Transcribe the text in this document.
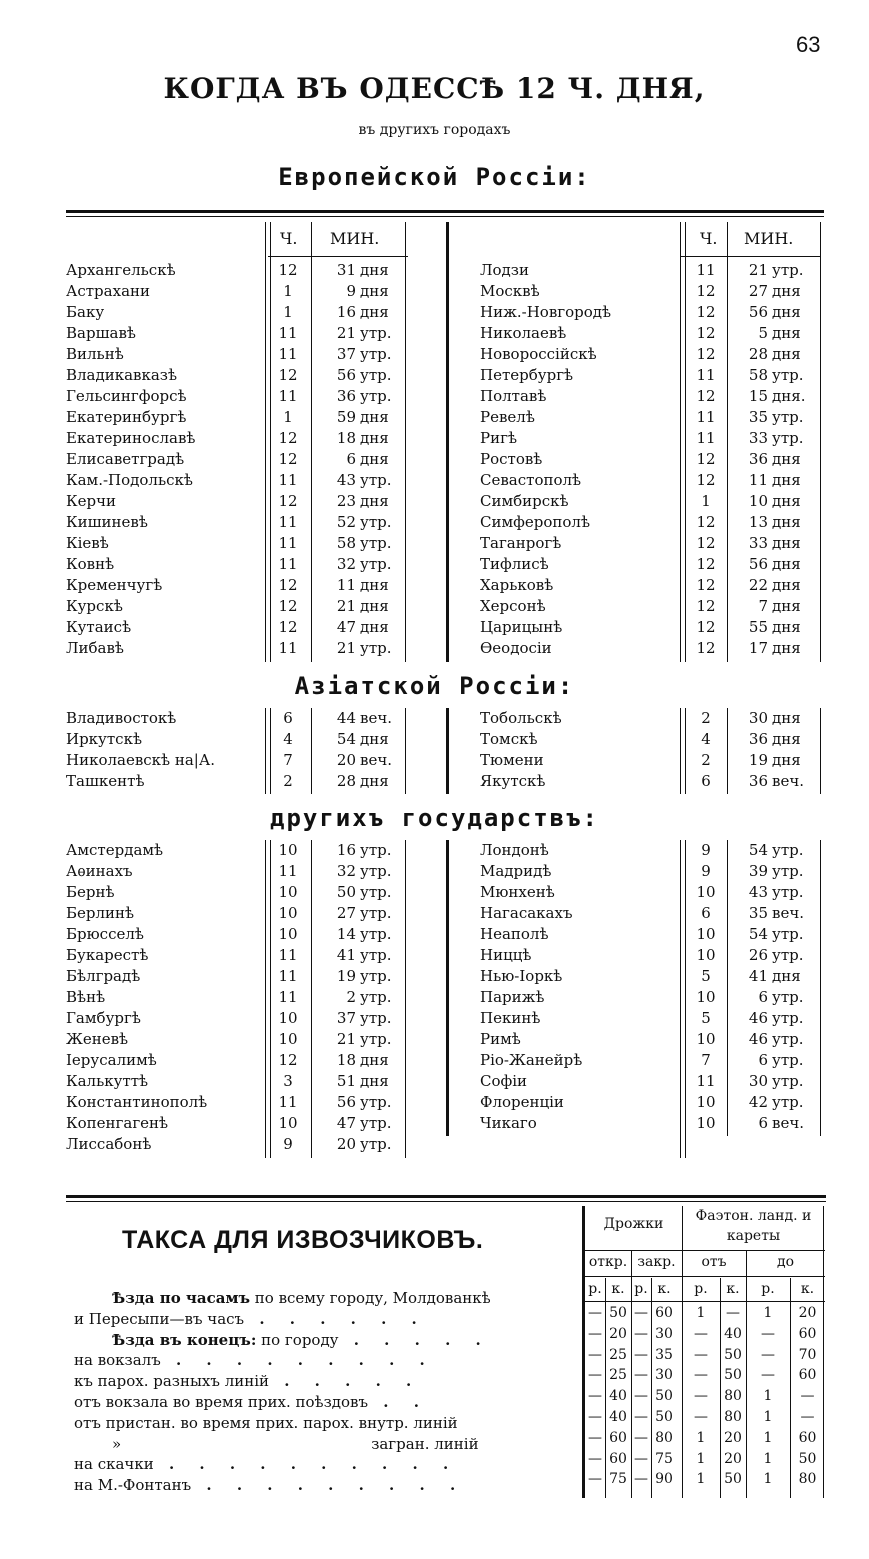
63
КОГДА ВЪ ОДЕССѢ 12 Ч. ДНЯ,
въ другихъ городахъ
Европейской Россіи:
Ч. МИН.	Ч. МИН.
Архангельскѣ	12	31 дня	Лодзи	11	21 утр.
Астрахани	1	9 дня	Москвѣ	12	27 дня
Баку	1	16 дня	Ниж.-Новгородѣ	12	56 дня
Варшавѣ	11	21 утр.	Николаевѣ	12	5 дня
Вильнѣ	11	37 утр.	Новороссійскѣ	12	28 дня
Владикавказѣ	12	56 утр.	Петербургѣ	11	58 утр.
Гельсингфорсѣ	11	36 утр.	Полтавѣ	12	15 дня.
Екатеринбургѣ	1	59 дня	Ревелѣ	11	35 утр.
Екатеринославѣ	12	18 дня	Ригѣ	11	33 утр.
Елисаветградѣ	12	6 дня	Ростовѣ	12	36 дня
Кам.-Подольскѣ	11	43 утр.	Севастополѣ	12	11 дня
Керчи	12	23 дня	Симбирскѣ	1	10 дня
Кишиневѣ	11	52 утр.	Симферополѣ	12	13 дня
Кіевѣ	11	58 утр.	Таганрогѣ	12	33 дня
Ковнѣ	11	32 утр.	Тифлисѣ	12	56 дня
Кременчугѣ	12	11 дня	Харьковѣ	12	22 дня
Курскѣ	12	21 дня	Херсонѣ	12	7 дня
Кутаисѣ	12	47 дня	Царицынѣ	12	55 дня
Либавѣ	11	21 утр.	Ѳеодосіи	12	17 дня
Азіатской Россіи:
Владивостокѣ	6	44 веч.	Тобольскѣ	2	30 дня
Иркутскѣ	4	54 дня	Томскѣ	4	36 дня
Николаевскѣ на|А.	7	20 веч.	Тюмени	2	19 дня
Ташкентѣ	2	28 дня	Якутскѣ	6	36 веч.
другихъ государствъ:
Амстердамѣ	10	16 утр.	Лондонѣ	9	54 утр.
Аѳинахъ	11	32 утр.	Мадридѣ	9	39 утр.
Бернѣ	10	50 утр.	Мюнхенѣ	10	43 утр.
Берлинѣ	10	27 утр.	Нагасакахъ	6	35 веч.
Брюсселѣ	10	14 утр.	Неаполѣ	10	54 утр.
Букарестѣ	11	41 утр.	Ниццѣ	10	26 утр.
Бѣлградѣ	11	19 утр.	Нью-Іоркѣ	5	41 дня
Вѣнѣ	11	2 утр.	Парижѣ	10	6 утр.
Гамбургѣ	10	37 утр.	Пекинѣ	5	46 утр.
Женевѣ	10	21 утр.	Римѣ	10	46 утр.
Іерусалимѣ	12	18 дня	Ріо-Жанейрѣ	7	6 утр.
Калькуттѣ	3	51 дня	Софіи	11	30 утр.
Константинополѣ	11	56 утр.	Флоренціи	10	42 утр.
Копенгагенѣ	10	47 утр.	Чикаго	10	6 веч.
Лиссабонѣ	9	20 утр.
ТАКСА ДЛЯ ИЗВОЗЧИКОВЪ.
Ѣзда по часамъ по всему городу, Молдованкѣ
и Пересыпи—въ часъ . . . . . .
Ѣзда въ конецъ: по городу . . . . .
на вокзалъ . . . . . . . . .
къ парох. разныхъ линій . . . . .
отъ вокзала во время прих. поѣздовъ . .
отъ пристан. во время прих. парох. внутр. линій
»	загран. линій
на скачки . . . . . . . . . .
на М.-Фонтанъ . . . . . . . . .
Дрожки	Фаэтон. ланд. и кареты
откр. закр.	отъ	до
р. к. р. к.	р.	к.	р.	к.
— 50 — 60	1	—	1	20
— 20 — 30	—	40	—	60
— 25 — 35	—	50	—	70
— 25 — 30	—	50	—	60
— 40 — 50	—	80	1	—
— 40 — 50	—	80	1	—
— 60 — 80	1	20	1	60
— 60 — 75	1	20	1	50
— 75 — 90	1	50	1	80
